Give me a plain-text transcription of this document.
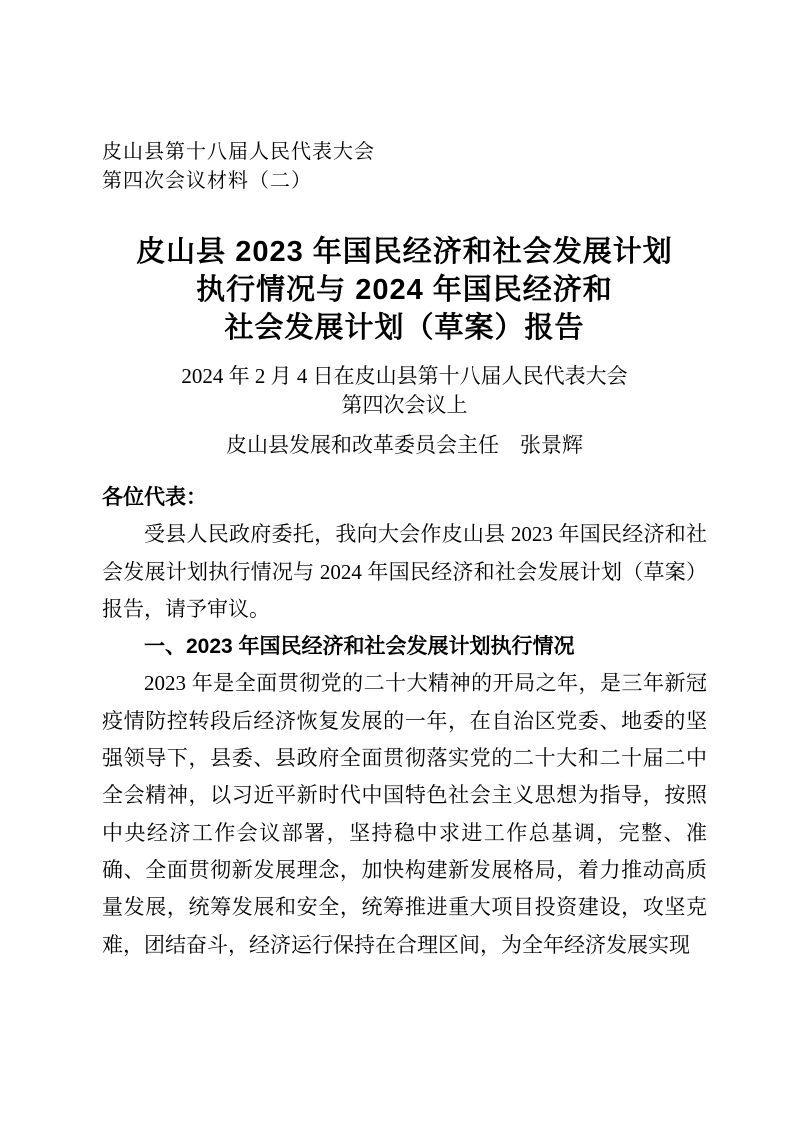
皮山县第十八届人民代表大会
第四次会议材料（二）
皮山县 2023 年国民经济和社会发展计划
执行情况与 2024 年国民经济和
社会发展计划（草案）报告
2024 年 2 月 4 日在皮山县第十八届人民代表大会
第四次会议上
皮山县发展和改革委员会主任　张景辉

各位代表：

受县人民政府委托，我向大会作皮山县 2023 年国民经济和社会发展计划执行情况与 2024 年国民经济和社会发展计划（草案）报告，请予审议。

一、2023 年国民经济和社会发展计划执行情况

2023 年是全面贯彻党的二十大精神的开局之年，是三年新冠疫情防控转段后经济恢复发展的一年，在自治区党委、地委的坚强领导下，县委、县政府全面贯彻落实党的二十大和二十届二中全会精神，以习近平新时代中国特色社会主义思想为指导，按照中央经济工作会议部署，坚持稳中求进工作总基调，完整、准确、全面贯彻新发展理念，加快构建新发展格局，着力推动高质量发展，统筹发展和安全，统筹推进重大项目投资建设，攻坚克难，团结奋斗，经济运行保持在合理区间，为全年经济发展实现
